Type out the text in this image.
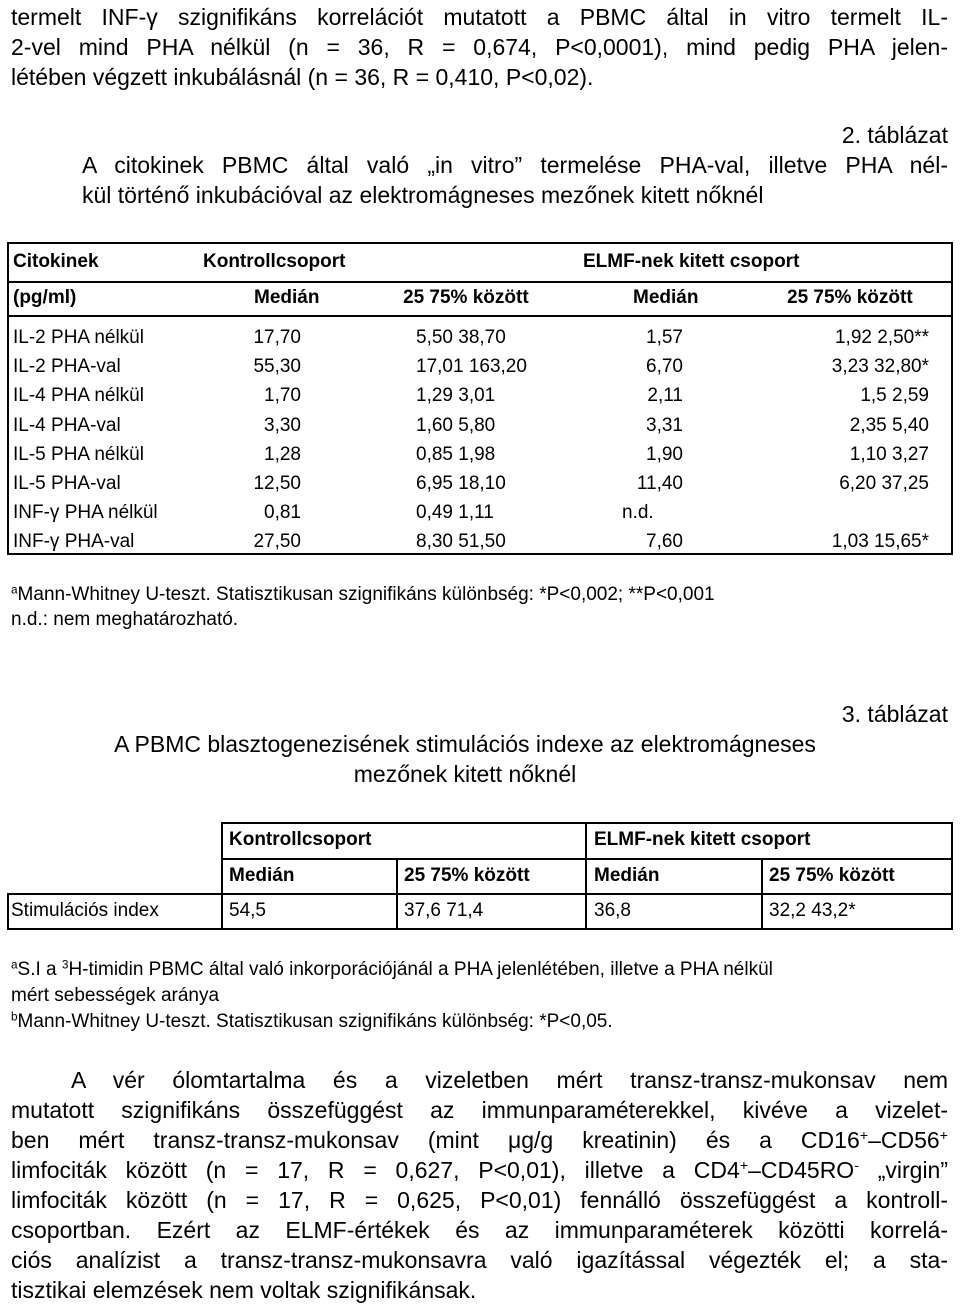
termelt INF-γ szignifikáns korrelációt mutatott a PBMC által in vitro termelt IL-
2-vel mind PHA nélkül (n = 36, R = 0,674, P<0,0001), mind pedig PHA jelen-
létében végzett inkubálásnál (n = 36, R = 0,410, P<0,02).
2. táblázat
A citokinek PBMC által való „in vitro” termelése PHA-val, illetve PHA nél-
kül történő inkubációval az elektromágneses mezőnek kitett nőknél
Citokinek	Kontrollcsoport	ELMF-nek kitett csoport
(pg/ml)	Medián	25 75% között	Medián	25 75% között
IL-2 PHA nélkül	17,70	5,50 38,70	1,57	1,92 2,50**
IL-2 PHA-val	55,30	17,01 163,20	6,70	3,23 32,80*
IL-4 PHA nélkül	1,70	1,29 3,01	2,11	1,5 2,59
IL-4 PHA-val	3,30	1,60 5,80	3,31	2,35 5,40
IL-5 PHA nélkül	1,28	0,85 1,98	1,90	1,10 3,27
IL-5 PHA-val	12,50	6,95 18,10	11,40	6,20 37,25
INF-γ PHA nélkül	0,81	0,49 1,11	n.d.
INF-γ PHA-val	27,50	8,30 51,50	7,60	1,03 15,65*
$^a$Mann-Whitney U-teszt. Statisztikusan szignifikáns különbség: *P<0,002; **P<0,001
n.d.: nem meghatározható.
3. táblázat
A PBMC blasztogenezisének stimulációs indexe az elektromágneses
mezőnek kitett nőknél
Kontrollcsoport	ELMF-nek kitett csoport
Medián	25 75% között	Medián	25 75% között
Stimulációs index	54,5	37,6 71,4	36,8	32,2 43,2*
$^a$S.I a $^3$H-timidin PBMC által való inkorporációjánál a PHA jelenlétében, illetve a PHA nélkül
mért sebességek aránya
$^b$Mann-Whitney U-teszt. Statisztikusan szignifikáns különbség: *P<0,05.
A vér ólomtartalma és a vizeletben mért transz-transz-mukonsav nem
mutatott szignifikáns összefüggést az immunparaméterekkel, kivéve a vizelet-
ben mért transz-transz-mukonsav (mint μg/g kreatinin) és a CD16+–CD56+
limfociták között (n = 17, R = 0,627, P<0,01), illetve a CD4+–CD45RO- „virgin”
limfociták között (n = 17, R = 0,625, P<0,01) fennálló összefüggést a kontroll-
csoportban. Ezért az ELMF-értékek és az immunparaméterek közötti korrelá-
ciós analízist a transz-transz-mukonsavra való igazítással végezték el; a sta-
tisztikai elemzések nem voltak szignifikánsak.
